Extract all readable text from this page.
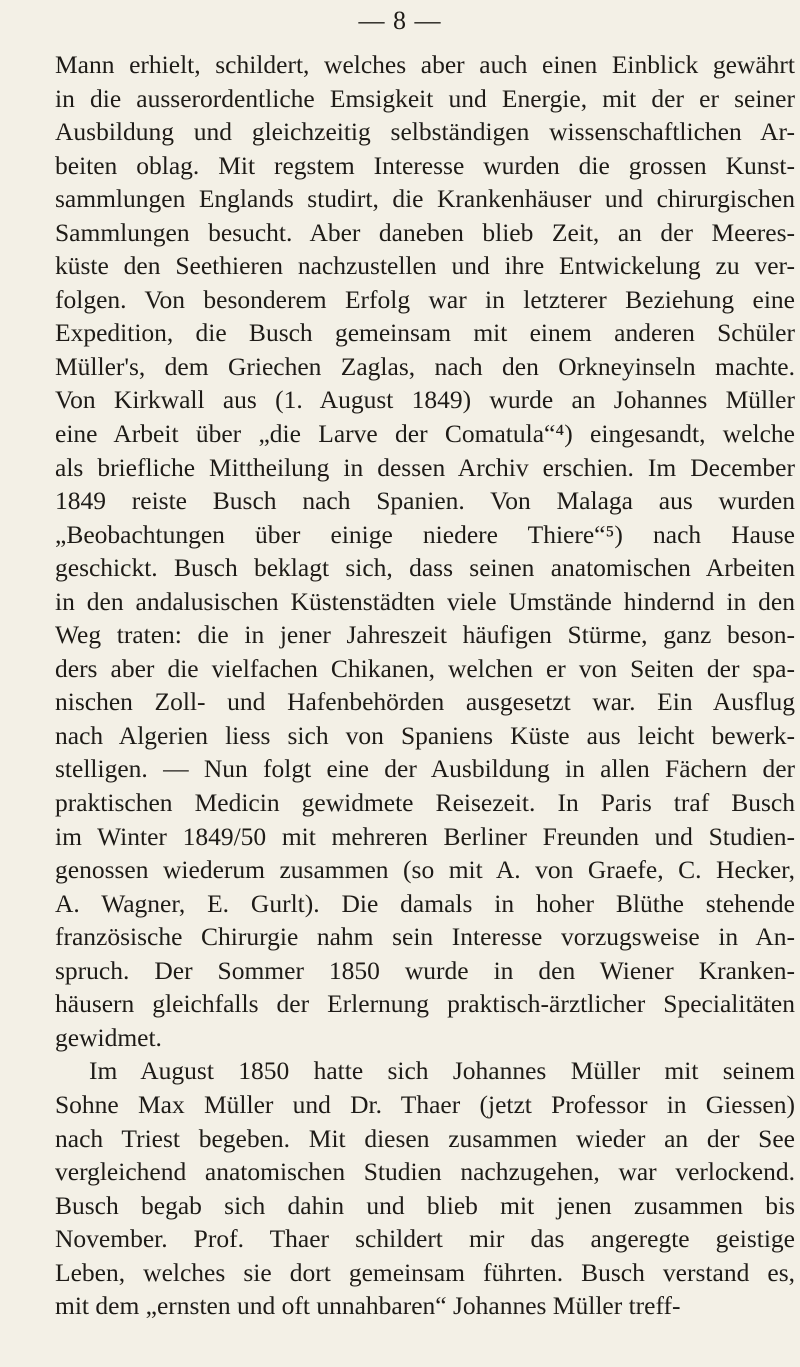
— 8 —
Mann erhielt, schildert, welches aber auch einen Einblick gewährt
in die ausserordentliche Emsigkeit und Energie, mit der er seiner
Ausbildung und gleichzeitig selbständigen wissenschaftlichen Ar-
beiten oblag. Mit regstem Interesse wurden die grossen Kunst-
sammlungen Englands studirt, die Krankenhäuser und chirurgischen
Sammlungen besucht. Aber daneben blieb Zeit, an der Meeres-
küste den Seethieren nachzustellen und ihre Entwickelung zu ver-
folgen. Von besonderem Erfolg war in letzterer Beziehung eine
Expedition, die Busch gemeinsam mit einem anderen Schüler
Müller's, dem Griechen Zaglas, nach den Orkneyinseln machte.
Von Kirkwall aus (1. August 1849) wurde an Johannes Müller
eine Arbeit über „die Larve der Comatula“⁴) eingesandt, welche
als briefliche Mittheilung in dessen Archiv erschien. Im December
1849 reiste Busch nach Spanien. Von Malaga aus wurden
„Beobachtungen über einige niedere Thiere“⁵) nach Hause
geschickt. Busch beklagt sich, dass seinen anatomischen Arbeiten
in den andalusischen Küstenstädten viele Umstände hindernd in den
Weg traten: die in jener Jahreszeit häufigen Stürme, ganz beson-
ders aber die vielfachen Chikanen, welchen er von Seiten der spa-
nischen Zoll- und Hafenbehörden ausgesetzt war. Ein Ausflug
nach Algerien liess sich von Spaniens Küste aus leicht bewerk-
stelligen. — Nun folgt eine der Ausbildung in allen Fächern der
praktischen Medicin gewidmete Reisezeit. In Paris traf Busch
im Winter 1849/50 mit mehreren Berliner Freunden und Studien-
genossen wiederum zusammen (so mit A. von Graefe, C. Hecker,
A. Wagner, E. Gurlt). Die damals in hoher Blüthe stehende
französische Chirurgie nahm sein Interesse vorzugsweise in An-
spruch. Der Sommer 1850 wurde in den Wiener Kranken-
häusern gleichfalls der Erlernung praktisch-ärztlicher Specialitäten
gewidmet.
Im August 1850 hatte sich Johannes Müller mit seinem
Sohne Max Müller und Dr. Thaer (jetzt Professor in Giessen)
nach Triest begeben. Mit diesen zusammen wieder an der See
vergleichend anatomischen Studien nachzugehen, war verlockend.
Busch begab sich dahin und blieb mit jenen zusammen bis
November. Prof. Thaer schildert mir das angeregte geistige
Leben, welches sie dort gemeinsam führten. Busch verstand es,
mit dem „ernsten und oft unnahbaren“ Johannes Müller treff-
